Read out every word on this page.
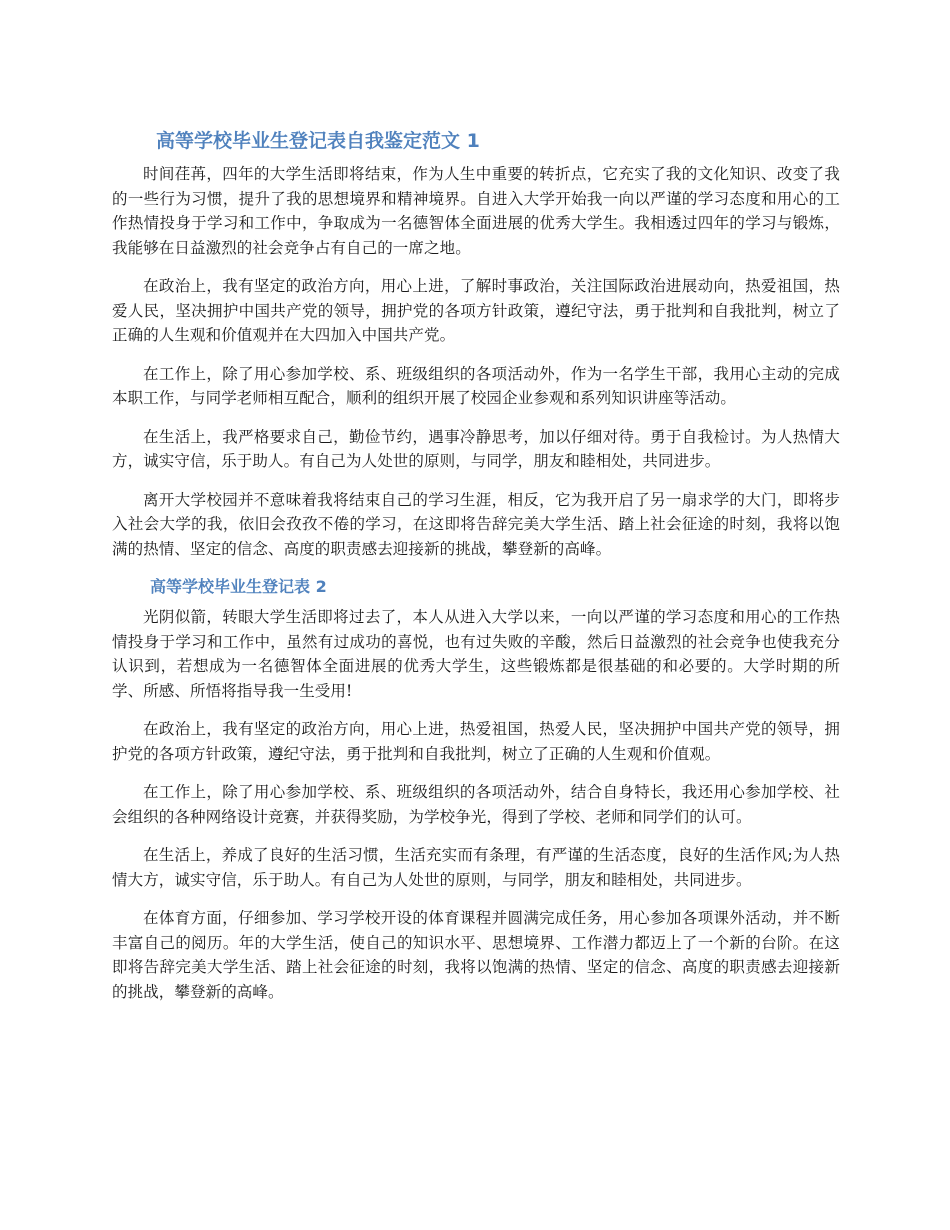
高等学校毕业生登记表自我鉴定范文 1

时间荏苒，四年的大学生活即将结束，作为人生中重要的转折点，它充实了我的文化知识、改变了我的一些行为习惯，提升了我的思想境界和精神境界。自进入大学开始我一向以严谨的学习态度和用心的工作热情投身于学习和工作中，争取成为一名德智体全面进展的优秀大学生。我相透过四年的学习与锻炼，我能够在日益激烈的社会竞争占有自己的一席之地。

在政治上，我有坚定的政治方向，用心上进，了解时事政治，关注国际政治进展动向，热爱祖国，热爱人民，坚决拥护中国共产党的领导，拥护党的各项方针政策，遵纪守法，勇于批判和自我批判，树立了正确的人生观和价值观并在大四加入中国共产党。

在工作上，除了用心参加学校、系、班级组织的各项活动外，作为一名学生干部，我用心主动的完成本职工作，与同学老师相互配合，顺利的组织开展了校园企业参观和系列知识讲座等活动。

在生活上，我严格要求自己，勤俭节约，遇事冷静思考，加以仔细对待。勇于自我检讨。为人热情大方，诚实守信，乐于助人。有自己为人处世的原则，与同学，朋友和睦相处，共同进步。

离开大学校园并不意味着我将结束自己的学习生涯，相反，它为我开启了另一扇求学的大门，即将步入社会大学的我，依旧会孜孜不倦的学习，在这即将告辞完美大学生活、踏上社会征途的时刻，我将以饱满的热情、坚定的信念、高度的职责感去迎接新的挑战，攀登新的高峰。

高等学校毕业生登记表 2

光阴似箭，转眼大学生活即将过去了，本人从进入大学以来，一向以严谨的学习态度和用心的工作热情投身于学习和工作中，虽然有过成功的喜悦，也有过失败的辛酸，然后日益激烈的社会竞争也使我充分认识到，若想成为一名德智体全面进展的优秀大学生，这些锻炼都是很基础的和必要的。大学时期的所学、所感、所悟将指导我一生受用!

在政治上，我有坚定的政治方向，用心上进，热爱祖国，热爱人民，坚决拥护中国共产党的领导，拥护党的各项方针政策，遵纪守法，勇于批判和自我批判，树立了正确的人生观和价值观。

在工作上，除了用心参加学校、系、班级组织的各项活动外，结合自身特长，我还用心参加学校、社会组织的各种网络设计竞赛，并获得奖励，为学校争光，得到了学校、老师和同学们的认可。

在生活上，养成了良好的生活习惯，生活充实而有条理，有严谨的生活态度，良好的生活作风;为人热情大方，诚实守信，乐于助人。有自己为人处世的原则，与同学，朋友和睦相处，共同进步。

在体育方面，仔细参加、学习学校开设的体育课程并圆满完成任务，用心参加各项课外活动，并不断丰富自己的阅历。年的大学生活，使自己的知识水平、思想境界、工作潜力都迈上了一个新的台阶。在这即将告辞完美大学生活、踏上社会征途的时刻，我将以饱满的热情、坚定的信念、高度的职责感去迎接新的挑战，攀登新的高峰。
